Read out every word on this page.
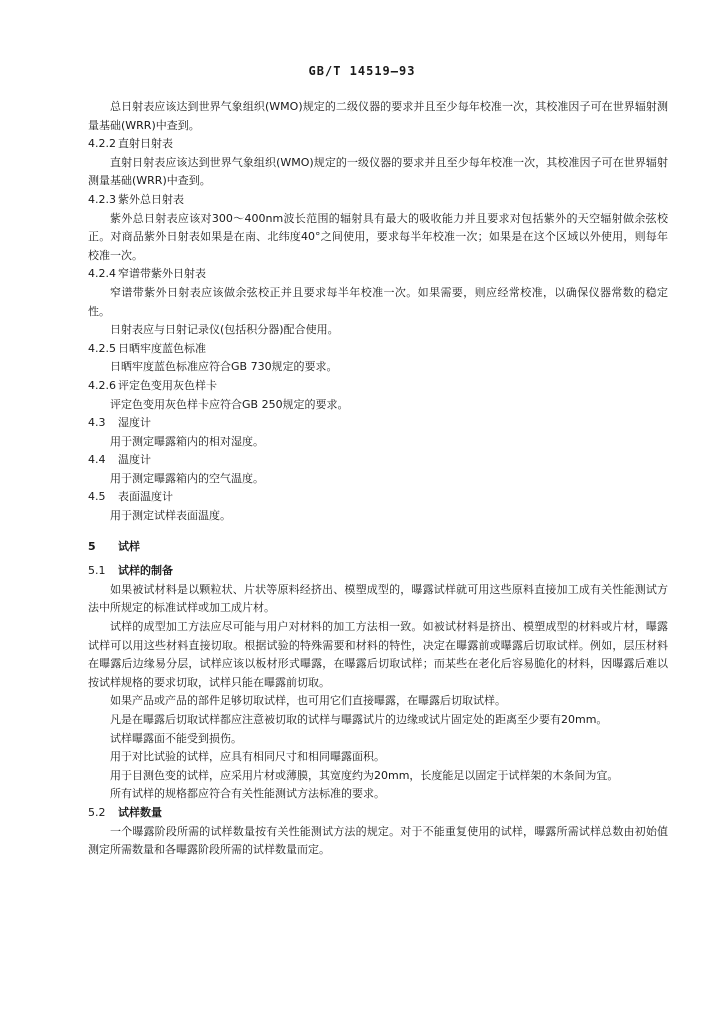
GB/T 14519—93

总日射表应该达到世界气象组织(WMO)规定的二级仪器的要求并且至少每年校准一次，其校准因子可在世界辐射测量基础(WRR)中查到。

4.2.2 直射日射表

直射日射表应该达到世界气象组织(WMO)规定的一级仪器的要求并且至少每年校准一次，其校准因子可在世界辐射测量基础(WRR)中查到。

4.2.3 紫外总日射表

紫外总日射表应该对300～400nm波长范围的辐射具有最大的吸收能力并且要求对包括紫外的天空辐射做余弦校正。对商品紫外日射表如果是在南、北纬度40°之间使用，要求每半年校准一次；如果是在这个区域以外使用，则每年校准一次。

4.2.4 窄谱带紫外日射表

窄谱带紫外日射表应该做余弦校正并且要求每半年校准一次。如果需要，则应经常校准，以确保仪器常数的稳定性。

日射表应与日射记录仪(包括积分器)配合使用。

4.2.5 日晒牢度蓝色标准

日晒牢度蓝色标准应符合GB 730规定的要求。

4.2.6 评定色变用灰色样卡

评定色变用灰色样卡应符合GB 250规定的要求。

4.3 湿度计

用于测定曝露箱内的相对湿度。

4.4 温度计

用于测定曝露箱内的空气温度。

4.5 表面温度计

用于测定试样表面温度。

5 试样
5.1 试样的制备

如果被试材料是以颗粒状、片状等原料经挤出、模塑成型的，曝露试样就可用这些原料直接加工成有关性能测试方法中所规定的标准试样或加工成片材。

试样的成型加工方法应尽可能与用户对材料的加工方法相一致。如被试材料是挤出、模塑成型的材料或片材，曝露试样可以用这些材料直接切取。根据试验的特殊需要和材料的特性，决定在曝露前或曝露后切取试样。例如，层压材料在曝露后边缘易分层，试样应该以板材形式曝露，在曝露后切取试样；而某些在老化后容易脆化的材料，因曝露后难以按试样规格的要求切取，试样只能在曝露前切取。

如果产品或产品的部件足够切取试样，也可用它们直接曝露，在曝露后切取试样。

凡是在曝露后切取试样都应注意被切取的试样与曝露试片的边缘或试片固定处的距离至少要有20mm。

试样曝露面不能受到损伤。

用于对比试验的试样，应具有相同尺寸和相同曝露面积。

用于目测色变的试样，应采用片材或薄膜，其宽度约为20mm，长度能足以固定于试样架的木条间为宜。

所有试样的规格都应符合有关性能测试方法标准的要求。

5.2 试样数量

一个曝露阶段所需的试样数量按有关性能测试方法的规定。对于不能重复使用的试样，曝露所需试样总数由初始值测定所需数量和各曝露阶段所需的试样数量而定。
